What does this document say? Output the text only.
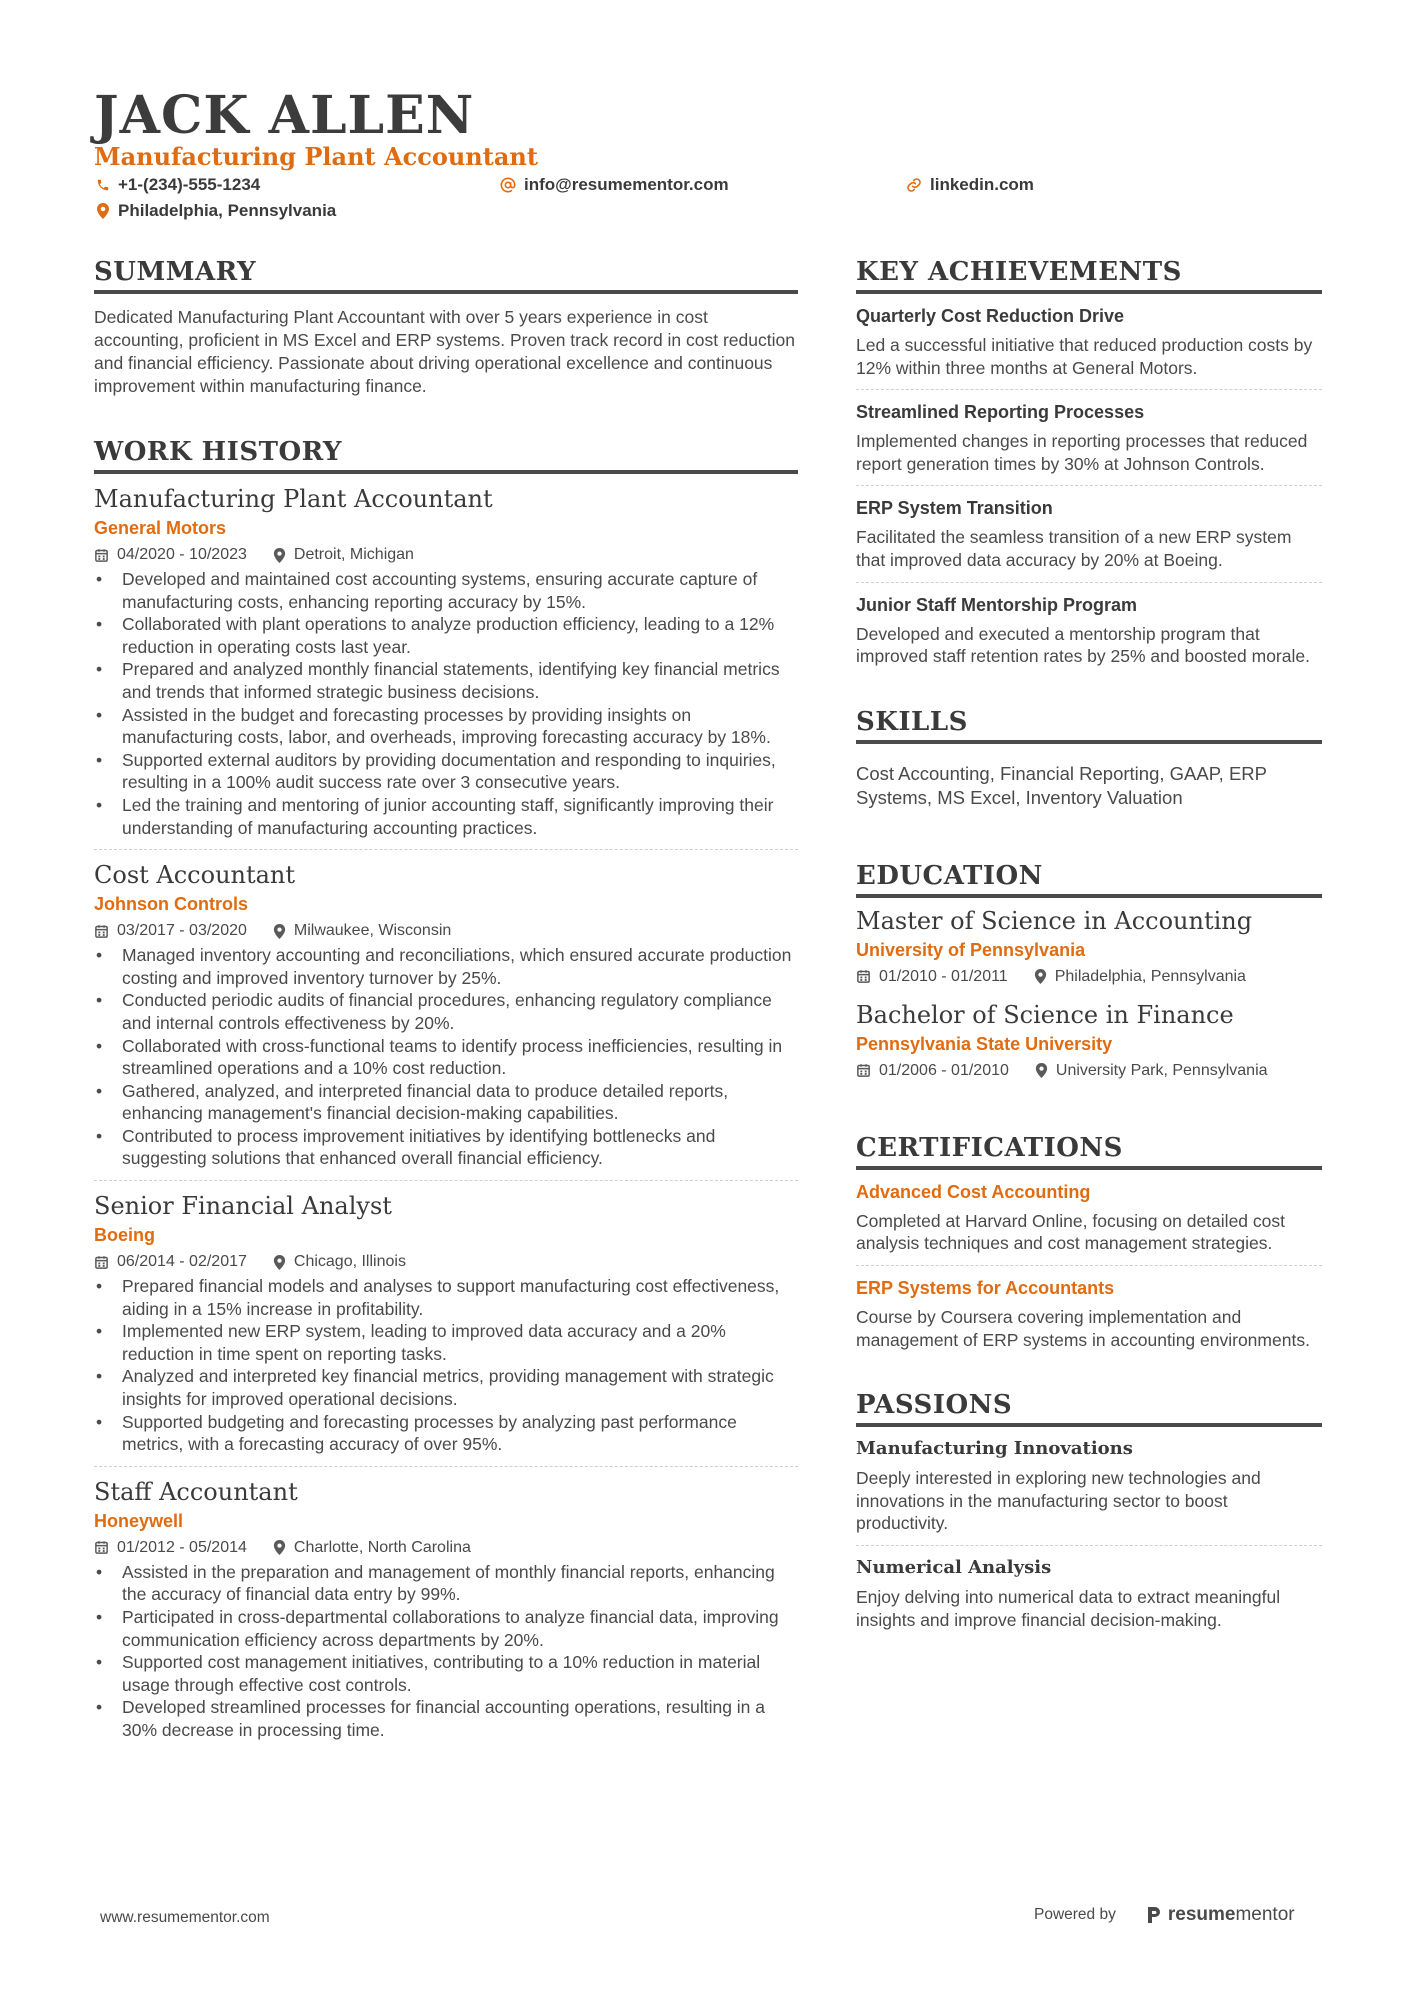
JACK ALLEN
Manufacturing Plant Accountant
+1-(234)-555-1234	info@resumementor.com	linkedin.com
Philadelphia, Pennsylvania
SUMMARY
Dedicated Manufacturing Plant Accountant with over 5 years experience in cost accounting, proficient in MS Excel and ERP systems. Proven track record in cost reduction and financial efficiency. Passionate about driving operational excellence and continuous improvement within manufacturing finance.
WORK HISTORY
Manufacturing Plant Accountant
General Motors
04/2020 - 10/2023	Detroit, Michigan
• Developed and maintained cost accounting systems, ensuring accurate capture of manufacturing costs, enhancing reporting accuracy by 15%.
• Collaborated with plant operations to analyze production efficiency, leading to a 12% reduction in operating costs last year.
• Prepared and analyzed monthly financial statements, identifying key financial metrics and trends that informed strategic business decisions.
• Assisted in the budget and forecasting processes by providing insights on manufacturing costs, labor, and overheads, improving forecasting accuracy by 18%.
• Supported external auditors by providing documentation and responding to inquiries, resulting in a 100% audit success rate over 3 consecutive years.
• Led the training and mentoring of junior accounting staff, significantly improving their understanding of manufacturing accounting practices.
Cost Accountant
Johnson Controls
03/2017 - 03/2020	Milwaukee, Wisconsin
• Managed inventory accounting and reconciliations, which ensured accurate production costing and improved inventory turnover by 25%.
• Conducted periodic audits of financial procedures, enhancing regulatory compliance and internal controls effectiveness by 20%.
• Collaborated with cross-functional teams to identify process inefficiencies, resulting in streamlined operations and a 10% cost reduction.
• Gathered, analyzed, and interpreted financial data to produce detailed reports, enhancing management's financial decision-making capabilities.
• Contributed to process improvement initiatives by identifying bottlenecks and suggesting solutions that enhanced overall financial efficiency.
Senior Financial Analyst
Boeing
06/2014 - 02/2017	Chicago, Illinois
• Prepared financial models and analyses to support manufacturing cost effectiveness, aiding in a 15% increase in profitability.
• Implemented new ERP system, leading to improved data accuracy and a 20% reduction in time spent on reporting tasks.
• Analyzed and interpreted key financial metrics, providing management with strategic insights for improved operational decisions.
• Supported budgeting and forecasting processes by analyzing past performance metrics, with a forecasting accuracy of over 95%.
Staff Accountant
Honeywell
01/2012 - 05/2014	Charlotte, North Carolina
• Assisted in the preparation and management of monthly financial reports, enhancing the accuracy of financial data entry by 99%.
• Participated in cross-departmental collaborations to analyze financial data, improving communication efficiency across departments by 20%.
• Supported cost management initiatives, contributing to a 10% reduction in material usage through effective cost controls.
• Developed streamlined processes for financial accounting operations, resulting in a 30% decrease in processing time.
KEY ACHIEVEMENTS
Quarterly Cost Reduction Drive
Led a successful initiative that reduced production costs by 12% within three months at General Motors.
Streamlined Reporting Processes
Implemented changes in reporting processes that reduced report generation times by 30% at Johnson Controls.
ERP System Transition
Facilitated the seamless transition of a new ERP system that improved data accuracy by 20% at Boeing.
Junior Staff Mentorship Program
Developed and executed a mentorship program that improved staff retention rates by 25% and boosted morale.
SKILLS
Cost Accounting, Financial Reporting, GAAP, ERP Systems, MS Excel, Inventory Valuation
EDUCATION
Master of Science in Accounting
University of Pennsylvania
01/2010 - 01/2011	Philadelphia, Pennsylvania
Bachelor of Science in Finance
Pennsylvania State University
01/2006 - 01/2010	University Park, Pennsylvania
CERTIFICATIONS
Advanced Cost Accounting
Completed at Harvard Online, focusing on detailed cost analysis techniques and cost management strategies.
ERP Systems for Accountants
Course by Coursera covering implementation and management of ERP systems in accounting environments.
PASSIONS
Manufacturing Innovations
Deeply interested in exploring new technologies and innovations in the manufacturing sector to boost productivity.
Numerical Analysis
Enjoy delving into numerical data to extract meaningful insights and improve financial decision-making.
www.resumementor.com	Powered by	resume mentor
